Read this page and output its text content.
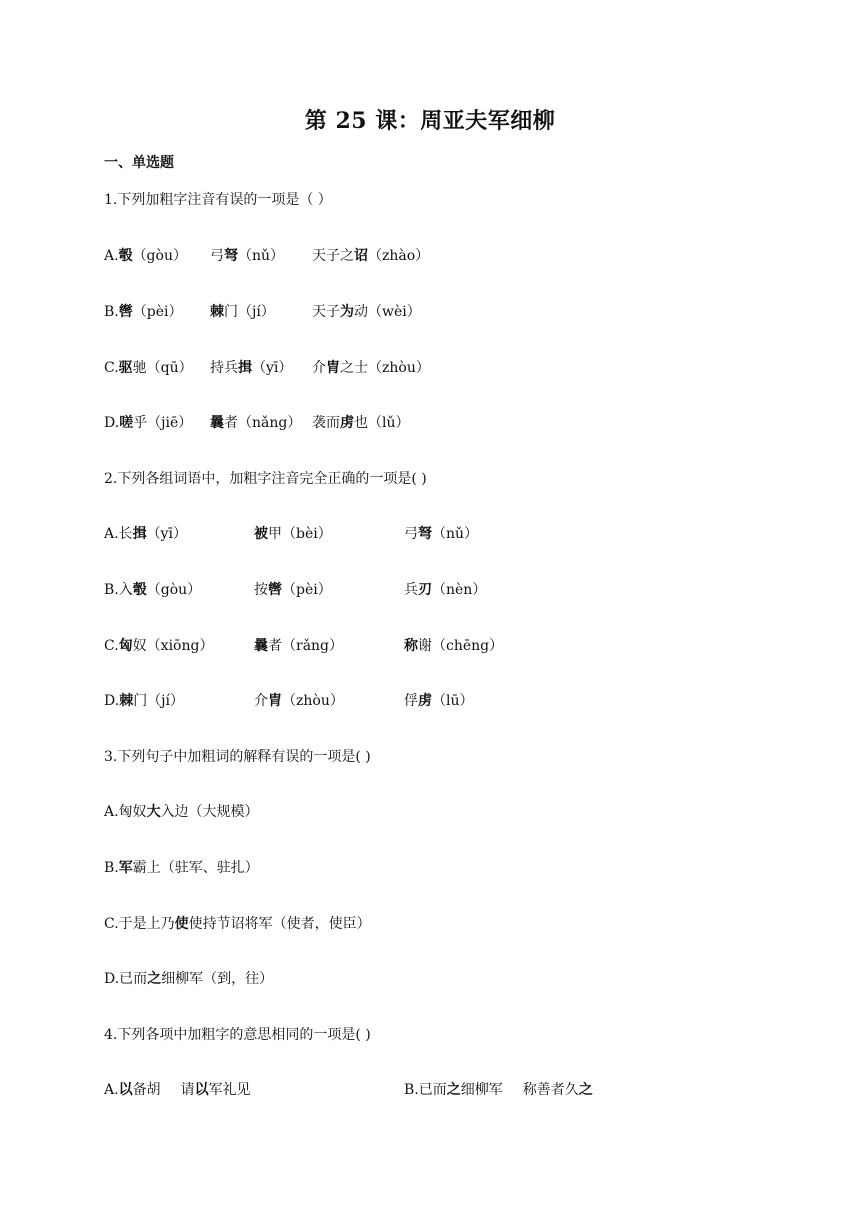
第 25 课：周亚夫军细柳
一、单选题
1.下列加粗字注音有误的一项是（ ）
A.彀（gòu） 弓弩（nǔ） 天子之诏（zhào）
B.辔（pèi） 棘门（jí）	天子为动（wèi）
C.驱驰（qū） 持兵揖（yī） 介胄之士（zhòu）
D.嗟乎（jiē） 曩者（nǎng） 袭而虏也（lǔ）
2.下列各组词语中，加粗字注音完全正确的一项是( )
A.长揖（yī）	被甲（bèi）	弓弩（nǔ）
B.入彀（gòu）	按辔（pèi）	兵刃（nèn）
C.匈奴（xiōng）	曩者（rǎng）	称谢（chēng）
D.棘门（jí）	介胄（zhòu）	俘虏（lū）
3.下列句子中加粗词的解释有误的一项是( )
A.匈奴大入边（大规模）
B.军霸上（驻军、驻扎）
C.于是上乃使使持节诏将军（使者，使臣）
D.已而之细柳军（到，往）
4.下列各项中加粗字的意思相同的一项是( )
A.以备胡 请以军礼见	B.已而之细柳军 称善者久之
